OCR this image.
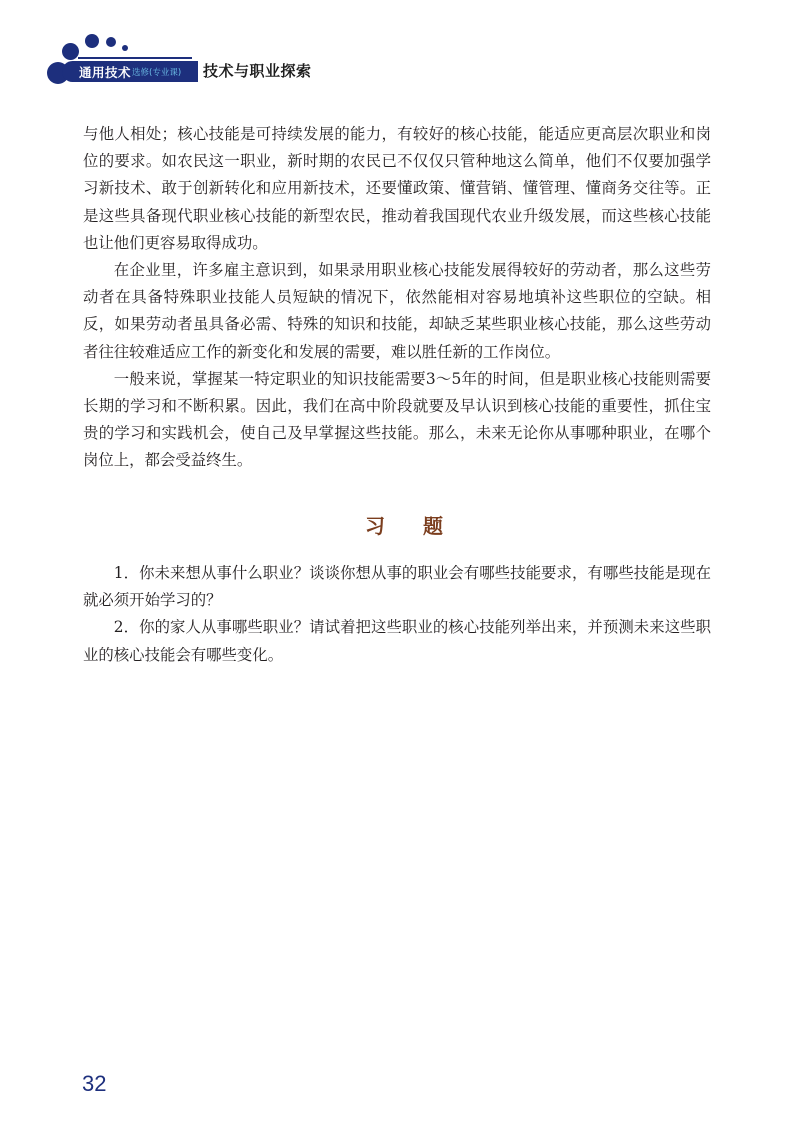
通用技术 选修(专业课) 技术与职业探索

与他人相处；核心技能是可持续发展的能力，有较好的核心技能，能适应更高层次职业和岗位的要求。如农民这一职业，新时期的农民已不仅仅只管种地这么简单，他们不仅要加强学习新技术、敢于创新转化和应用新技术，还要懂政策、懂营销、懂管理、懂商务交往等。正是这些具备现代职业核心技能的新型农民，推动着我国现代农业升级发展，而这些核心技能也让他们更容易取得成功。

在企业里，许多雇主意识到，如果录用职业核心技能发展得较好的劳动者，那么这些劳动者在具备特殊职业技能人员短缺的情况下，依然能相对容易地填补这些职位的空缺。相反，如果劳动者虽具备必需、特殊的知识和技能，却缺乏某些职业核心技能，那么这些劳动者往往较难适应工作的新变化和发展的需要，难以胜任新的工作岗位。

一般来说，掌握某一特定职业的知识技能需要3～5年的时间，但是职业核心技能则需要长期的学习和不断积累。因此，我们在高中阶段就要及早认识到核心技能的重要性，抓住宝贵的学习和实践机会，使自己及早掌握这些技能。那么，未来无论你从事哪种职业，在哪个岗位上，都会受益终生。

习题

1．你未来想从事什么职业？谈谈你想从事的职业会有哪些技能要求，有哪些技能是现在就必须开始学习的？

2．你的家人从事哪些职业？请试着把这些职业的核心技能列举出来，并预测未来这些职业的核心技能会有哪些变化。

32
